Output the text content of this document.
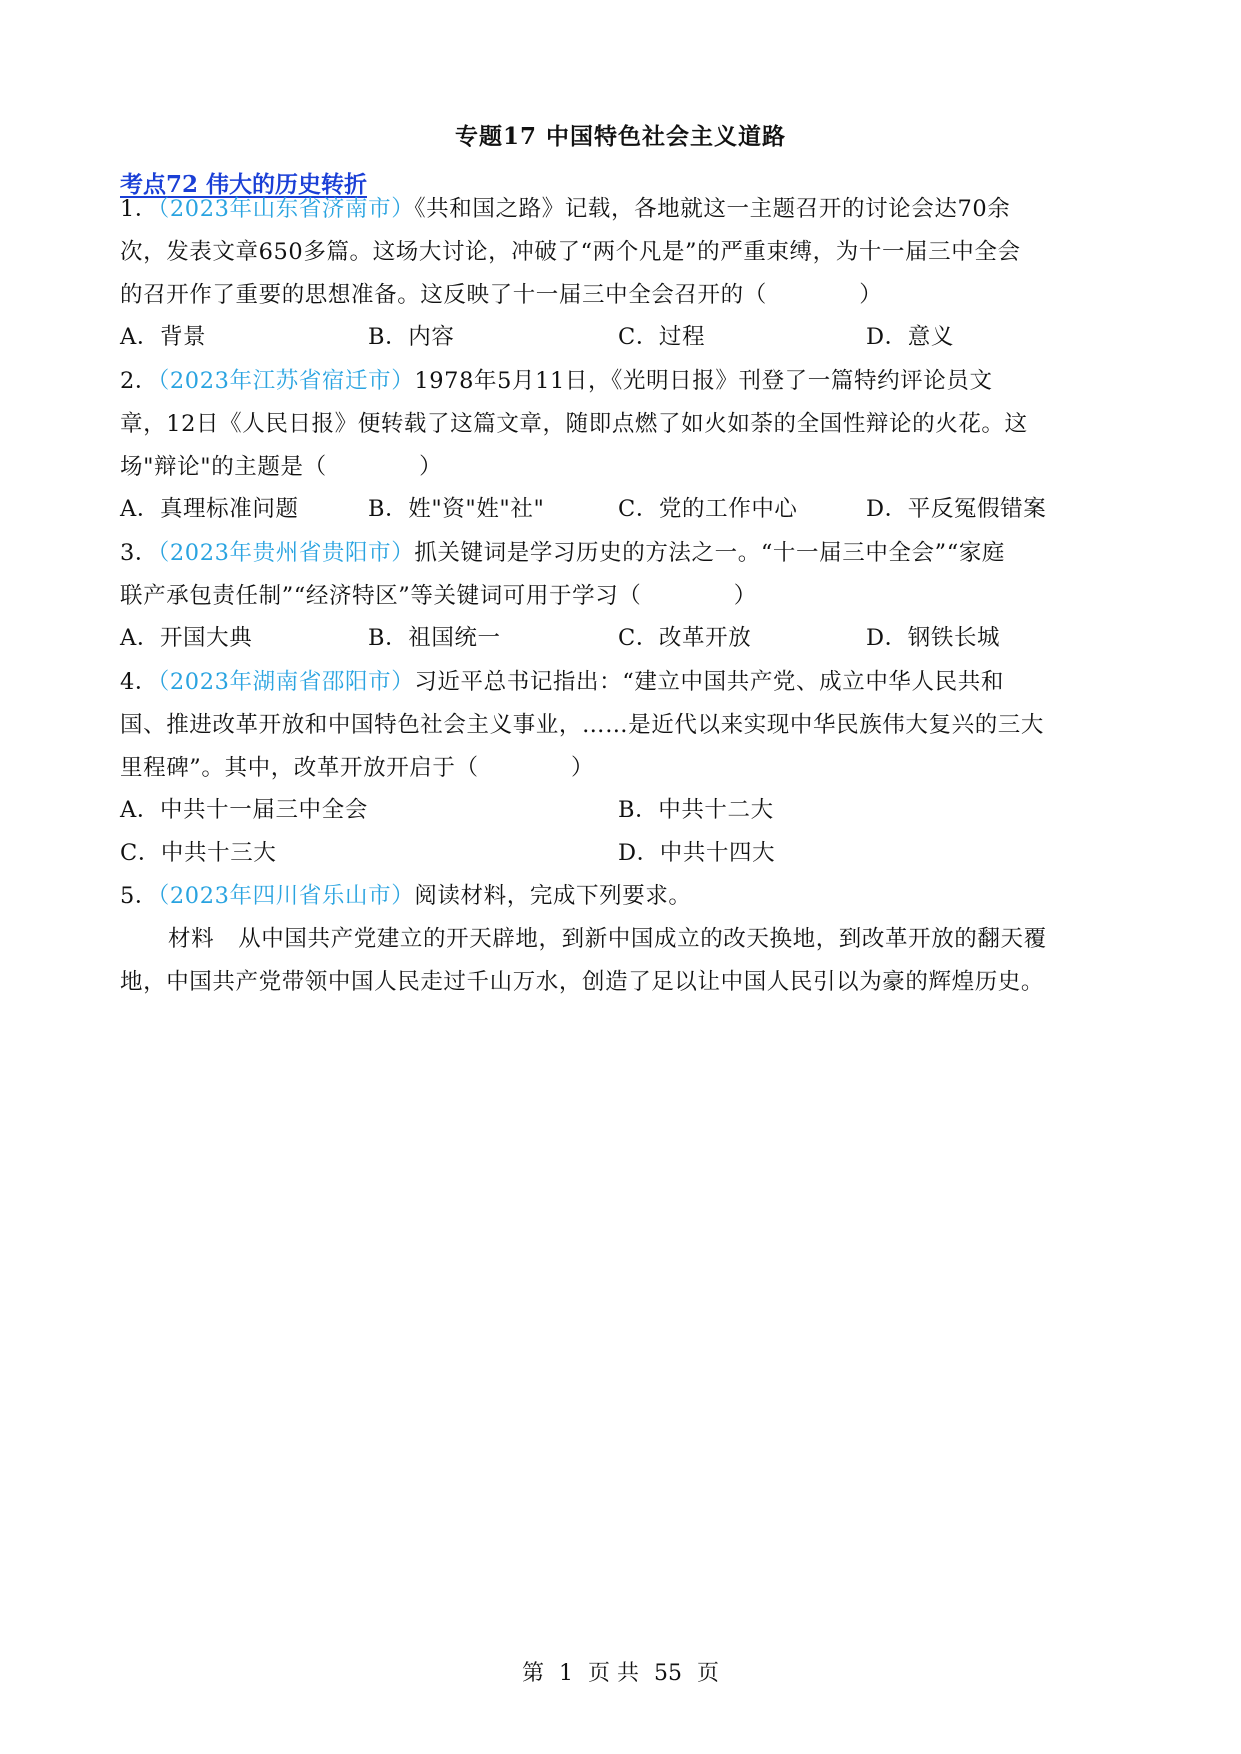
专题17 中国特色社会主义道路
考点72 伟大的历史转折
1．（2023年山东省济南市）《共和国之路》记载，各地就这一主题召开的讨论会达70余
次，发表文章650多篇。这场大讨论，冲破了“两个凡是”的严重束缚，为十一届三中全会
的召开作了重要的思想准备。这反映了十一届三中全会召开的（　　　　）
A．背景	B．内容	C．过程	D．意义
2．（2023年江苏省宿迁市）1978年5月11日，《光明日报》刊登了一篇特约评论员文
章，12日《人民日报》便转载了这篇文章，随即点燃了如火如荼的全国性辩论的火花。这
场"辩论"的主题是（　　　　）
A．真理标准问题	B．姓"资"姓"社"	C．党的工作中心	D．平反冤假错案
3．（2023年贵州省贵阳市）抓关键词是学习历史的方法之一。“十一届三中全会”“家庭
联产承包责任制”“经济特区”等关键词可用于学习（　　　　）
A．开国大典	B．祖国统一	C．改革开放	D．钢铁长城
4．（2023年湖南省邵阳市）习近平总书记指出：“建立中国共产党、成立中华人民共和
国、推进改革开放和中国特色社会主义事业，……是近代以来实现中华民族伟大复兴的三大
里程碑”。其中，改革开放开启于（　　　　）
A．中共十一届三中全会	B．中共十二大
C．中共十三大	D．中共十四大
5．（2023年四川省乐山市）阅读材料，完成下列要求。
材料 从中国共产党建立的开天辟地，到新中国成立的改天换地，到改革开放的翻天覆
地，中国共产党带领中国人民走过千山万水，创造了足以让中国人民引以为豪的辉煌历史。
第 1 页 共 55 页
